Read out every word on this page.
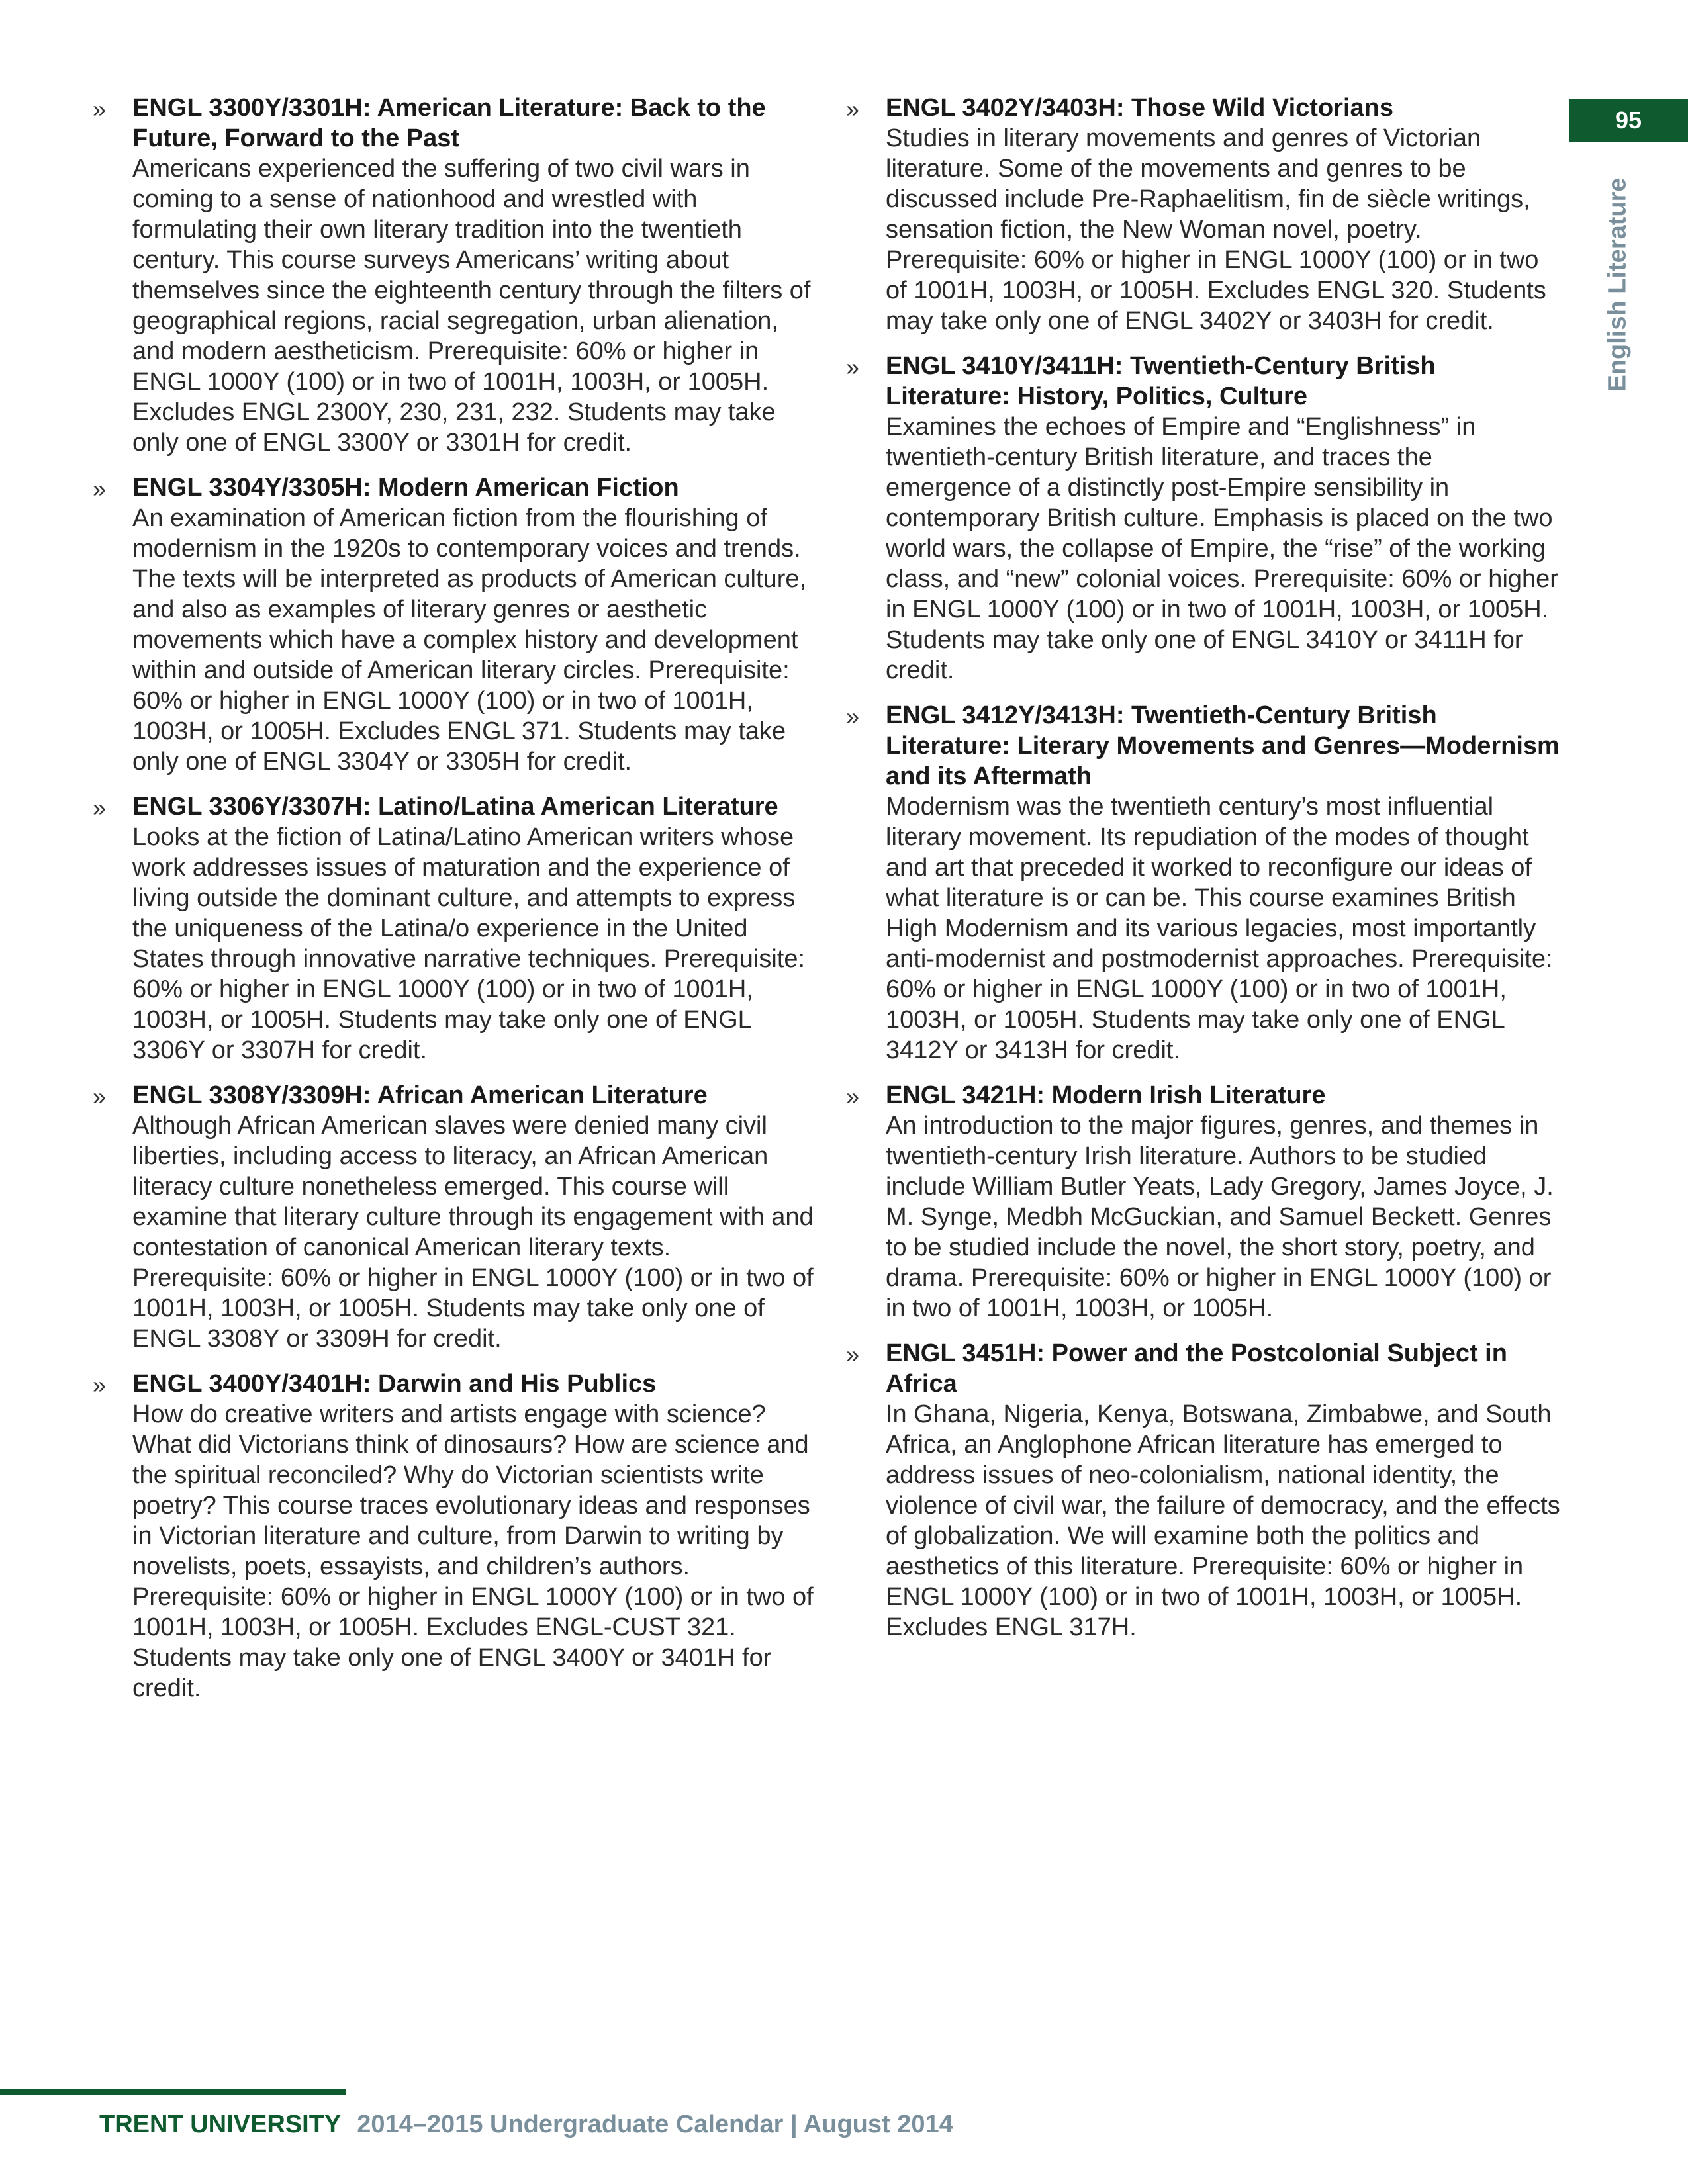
95
English Literature
» ENGL 3300Y/3301H: American Literature: Back to the Future, Forward to the Past
Americans experienced the suffering of two civil wars in coming to a sense of nationhood and wrestled with formulating their own literary tradition into the twentieth century. This course surveys Americans’ writing about themselves since the eighteenth century through the filters of geographical regions, racial segregation, urban alienation, and modern aestheticism. Prerequisite: 60% or higher in ENGL 1000Y (100) or in two of 1001H, 1003H, or 1005H. Excludes ENGL 2300Y, 230, 231, 232. Students may take only one of ENGL 3300Y or 3301H for credit.
» ENGL 3304Y/3305H: Modern American Fiction
An examination of American fiction from the flourishing of modernism in the 1920s to contemporary voices and trends. The texts will be interpreted as products of American culture, and also as examples of literary genres or aesthetic movements which have a complex history and development within and outside of American literary circles. Prerequisite: 60% or higher in ENGL 1000Y (100) or in two of 1001H, 1003H, or 1005H. Excludes ENGL 371. Students may take only one of ENGL 3304Y or 3305H for credit.
» ENGL 3306Y/3307H: Latino/Latina American Literature
Looks at the fiction of Latina/Latino American writers whose work addresses issues of maturation and the experience of living outside the dominant culture, and attempts to express the uniqueness of the Latina/o experience in the United States through innovative narrative techniques. Prerequisite: 60% or higher in ENGL 1000Y (100) or in two of 1001H, 1003H, or 1005H. Students may take only one of ENGL 3306Y or 3307H for credit.
» ENGL 3308Y/3309H: African American Literature
Although African American slaves were denied many civil liberties, including access to literacy, an African American literacy culture nonetheless emerged. This course will examine that literary culture through its engagement with and contestation of canonical American literary texts. Prerequisite: 60% or higher in ENGL 1000Y (100) or in two of 1001H, 1003H, or 1005H. Students may take only one of ENGL 3308Y or 3309H for credit.
» ENGL 3400Y/3401H: Darwin and His Publics
How do creative writers and artists engage with science? What did Victorians think of dinosaurs? How are science and the spiritual reconciled? Why do Victorian scientists write poetry? This course traces evolutionary ideas and responses in Victorian literature and culture, from Darwin to writing by novelists, poets, essayists, and children’s authors. Prerequisite: 60% or higher in ENGL 1000Y (100) or in two of 1001H, 1003H, or 1005H. Excludes ENGL-CUST 321. Students may take only one of ENGL 3400Y or 3401H for credit.
» ENGL 3402Y/3403H: Those Wild Victorians
Studies in literary movements and genres of Victorian literature. Some of the movements and genres to be discussed include Pre-Raphaelitism, fin de siècle writings, sensation fiction, the New Woman novel, poetry. Prerequisite: 60% or higher in ENGL 1000Y (100) or in two of 1001H, 1003H, or 1005H. Excludes ENGL 320. Students may take only one of ENGL 3402Y or 3403H for credit.
» ENGL 3410Y/3411H: Twentieth-Century British Literature: History, Politics, Culture
Examines the echoes of Empire and “Englishness” in twentieth-century British literature, and traces the emergence of a distinctly post-Empire sensibility in contemporary British culture. Emphasis is placed on the two world wars, the collapse of Empire, the “rise” of the working class, and “new” colonial voices. Prerequisite: 60% or higher in ENGL 1000Y (100) or in two of 1001H, 1003H, or 1005H. Students may take only one of ENGL 3410Y or 3411H for credit.
» ENGL 3412Y/3413H: Twentieth-Century British Literature: Literary Movements and Genres—Modernism and its Aftermath
Modernism was the twentieth century’s most influential literary movement. Its repudiation of the modes of thought and art that preceded it worked to reconfigure our ideas of what literature is or can be. This course examines British High Modernism and its various legacies, most importantly anti-modernist and postmodernist approaches. Prerequisite: 60% or higher in ENGL 1000Y (100) or in two of 1001H, 1003H, or 1005H. Students may take only one of ENGL 3412Y or 3413H for credit.
» ENGL 3421H: Modern Irish Literature
An introduction to the major figures, genres, and themes in twentieth-century Irish literature. Authors to be studied include William Butler Yeats, Lady Gregory, James Joyce, J. M. Synge, Medbh McGuckian, and Samuel Beckett. Genres to be studied include the novel, the short story, poetry, and drama. Prerequisite: 60% or higher in ENGL 1000Y (100) or in two of 1001H, 1003H, or 1005H.
» ENGL 3451H: Power and the Postcolonial Subject in Africa
In Ghana, Nigeria, Kenya, Botswana, Zimbabwe, and South Africa, an Anglophone African literature has emerged to address issues of neo-colonialism, national identity, the violence of civil war, the failure of democracy, and the effects of globalization. We will examine both the politics and aesthetics of this literature. Prerequisite: 60% or higher in ENGL 1000Y (100) or in two of 1001H, 1003H, or 1005H. Excludes ENGL 317H.
TRENT UNIVERSITY 2014–2015 Undergraduate Calendar | August 2014
